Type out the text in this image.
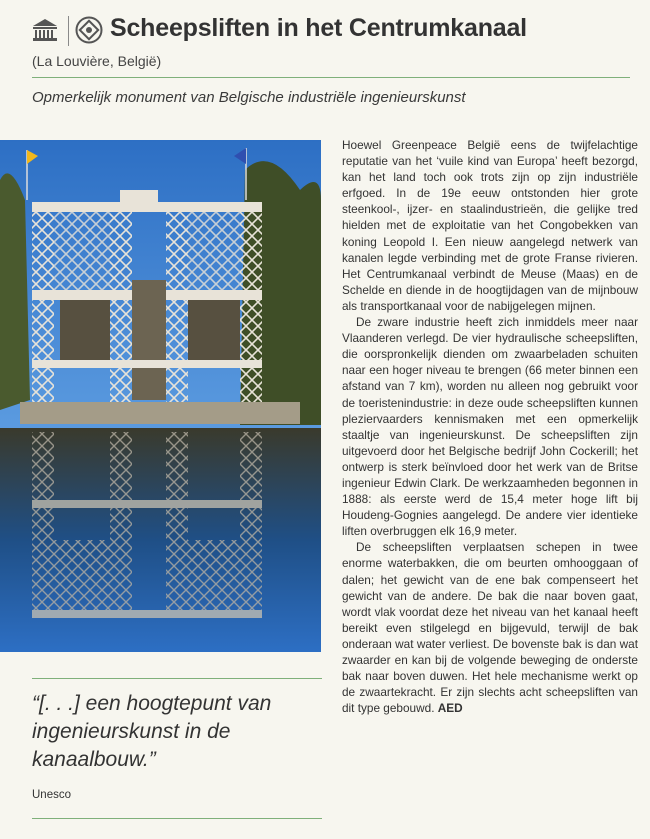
Scheepsliften in het Centrumkanaal
(La Louvière, België)
Opmerkelijk monument van Belgische industriële ingenieurskunst

Hoewel Greenpeace België eens de twijfelachtige reputatie van het ‘vuile kind van Europa’ heeft bezorgd, kan het land toch ook trots zijn op zijn industriële erfgoed. In de 19e eeuw ontstonden hier grote steenkool-, ijzer- en staalindustrieën, die gelijke tred hielden met de exploitatie van het Congobekken van koning Leopold I. Een nieuw aangelegd netwerk van kanalen legde verbinding met de grote Franse rivieren. Het Centrumkanaal verbindt de Meuse (Maas) en de Schelde en diende in de hoogtijdagen van de mijnbouw als transportkanaal voor de nabijgelegen mijnen.

De zware industrie heeft zich inmiddels meer naar Vlaanderen verlegd. De vier hydraulische scheepsliften, die oorspronkelijk dienden om zwaarbeladen schuiten naar een hoger niveau te brengen (66 meter binnen een afstand van 7 km), worden nu alleen nog gebruikt voor de toeristenindustrie: in deze oude scheepsliften kunnen pleziervaarders kennismaken met een opmerkelijk staaltje van ingenieurskunst. De scheepsliften zijn uitgevoerd door het Belgische bedrijf John Cockerill; het ontwerp is sterk beïnvloed door het werk van de Britse ingenieur Edwin Clark. De werkzaamheden begonnen in 1888: als eerste werd de 15,4 meter hoge lift bij Houdeng-Gognies aangelegd. De andere vier identieke liften overbruggen elk 16,9 meter.

De scheepsliften verplaatsen schepen in twee enorme waterbakken, die om beurten omhooggaan of dalen; het gewicht van de ene bak compenseert het gewicht van de andere. De bak die naar boven gaat, wordt vlak voordat deze het niveau van het kanaal heeft bereikt even stilgelegd en bijgevuld, terwijl de bak onderaan wat water verliest. De bovenste bak is dan wat zwaarder en kan bij de volgende beweging de onderste bak naar boven duwen. Het hele mechanisme werkt op de zwaartekracht. Er zijn slechts acht scheepsliften van dit type gebouwd. AED

“[. . .] een hoogtepunt van ingenieurskunst in de kanaalbouw.”
Unesco
